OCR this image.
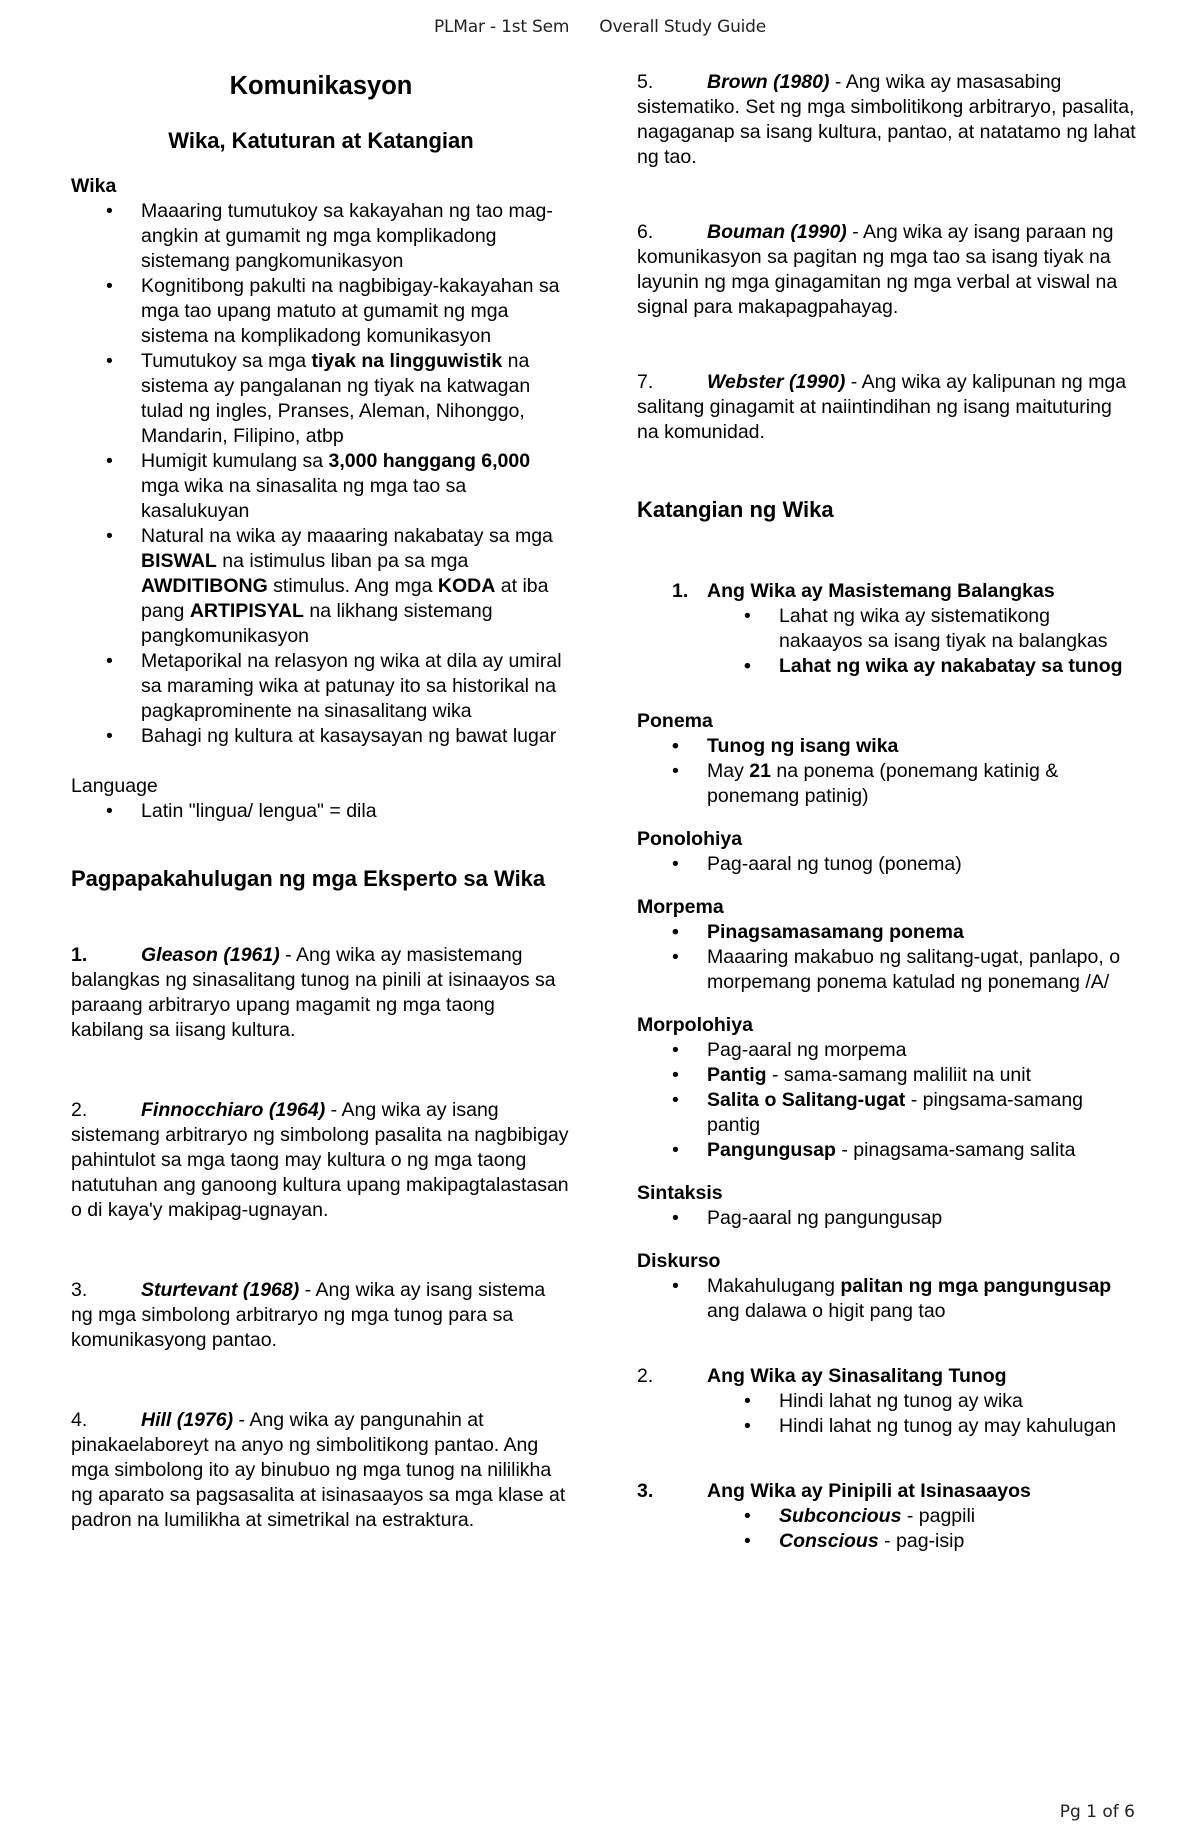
PLMar - 1st Sem Overall Study Guide
Komunikasyon
Wika, Katuturan at Katangian

Wika

• Maaaring tumutukoy sa kakayahan ng tao mag-angkin at gumamit ng mga komplikadong sistemang pangkomunikasyon
• Kognitibong pakulti na nagbibigay-kakayahan sa mga tao upang matuto at gumamit ng mga sistema na komplikadong komunikasyon
• Tumutukoy sa mga tiyak na lingguwistik na sistema ay pangalanan ng tiyak na katwagan tulad ng ingles, Pranses, Aleman, Nihonggo, Mandarin, Filipino, atbp
• Humigit kumulang sa 3,000 hanggang 6,000 mga wika na sinasalita ng mga tao sa kasalukuyan
• Natural na wika ay maaaring nakabatay sa mga BISWAL na istimulus liban pa sa mga AWDITIBONG stimulus. Ang mga KODA at iba pang ARTIPISYAL na likhang sistemang pangkomunikasyon
• Metaporikal na relasyon ng wika at dila ay umiral sa maraming wika at patunay ito sa historikal na pagkaprominente na sinasalitang wika
• Bahagi ng kultura at kasaysayan ng bawat lugar

Language

• Latin "lingua/ lengua" = dila

Pagpapakahulugan ng mga Eksperto sa Wika

1.	Gleason (1961) - Ang wika ay masistemang balangkas ng sinasalitang tunog na pinili at isinaayos sa paraang arbitraryo upang magamit ng mga taong kabilang sa iisang kultura.

2.	Finnocchiaro (1964) - Ang wika ay isang sistemang arbitraryo ng simbolong pasalita na nagbibigay pahintulot sa mga taong may kultura o ng mga taong natutuhan ang ganoong kultura upang makipagtalastasan o di kaya'y makipag-ugnayan.

3.	Sturtevant (1968) - Ang wika ay isang sistema ng mga simbolong arbitraryo ng mga tunog para sa komunikasyong pantao.

4.	Hill (1976) - Ang wika ay pangunahin at pinakaelaboreyt na anyo ng simbolitikong pantao. Ang mga simbolong ito ay binubuo ng mga tunog na nililikha ng aparato sa pagsasalita at isinasaayos sa mga klase at padron na lumilikha at simetrikal na estraktura.

5.	Brown (1980) - Ang wika ay masasabing sistematiko. Set ng mga simbolitikong arbitraryo, pasalita, nagaganap sa isang kultura, pantao, at natatamo ng lahat ng tao.

6.	Bouman (1990) - Ang wika ay isang paraan ng komunikasyon sa pagitan ng mga tao sa isang tiyak na layunin ng mga ginagamitan ng mga verbal at viswal na signal para makapagpahayag.

7.	Webster (1990) - Ang wika ay kalipunan ng mga salitang ginagamit at naiintindihan ng isang maituturing na komunidad.

Katangian ng Wika

1. Ang Wika ay Masistemang Balangkas

• Lahat ng wika ay sistematikong nakaayos sa isang tiyak na balangkas
• Lahat ng wika ay nakabatay sa tunog

Ponema

• Tunog ng isang wika
• May 21 na ponema (ponemang katinig & ponemang patinig)

Ponolohiya

• Pag-aaral ng tunog (ponema)

Morpema

• Pinagsamasamang ponema
• Maaaring makabuo ng salitang-ugat, panlapo, o morpemang ponema katulad ng ponemang /A/

Morpolohiya

• Pag-aaral ng morpema
• Pantig - sama-samang maliliit na unit
• Salita o Salitang-ugat - pingsama-samang pantig
• Pangungusap - pinagsama-samang salita

Sintaksis

• Pag-aaral ng pangungusap

Diskurso

• Makahulugang palitan ng mga pangungusap ang dalawa o higit pang tao

2.	Ang Wika ay Sinasalitang Tunog

• Hindi lahat ng tunog ay wika
• Hindi lahat ng tunog ay may kahulugan

3.	Ang Wika ay Pinipili at Isinasaayos

• Subconcious - pagpili
• Conscious - pag-isip
Pg 1 of 6
